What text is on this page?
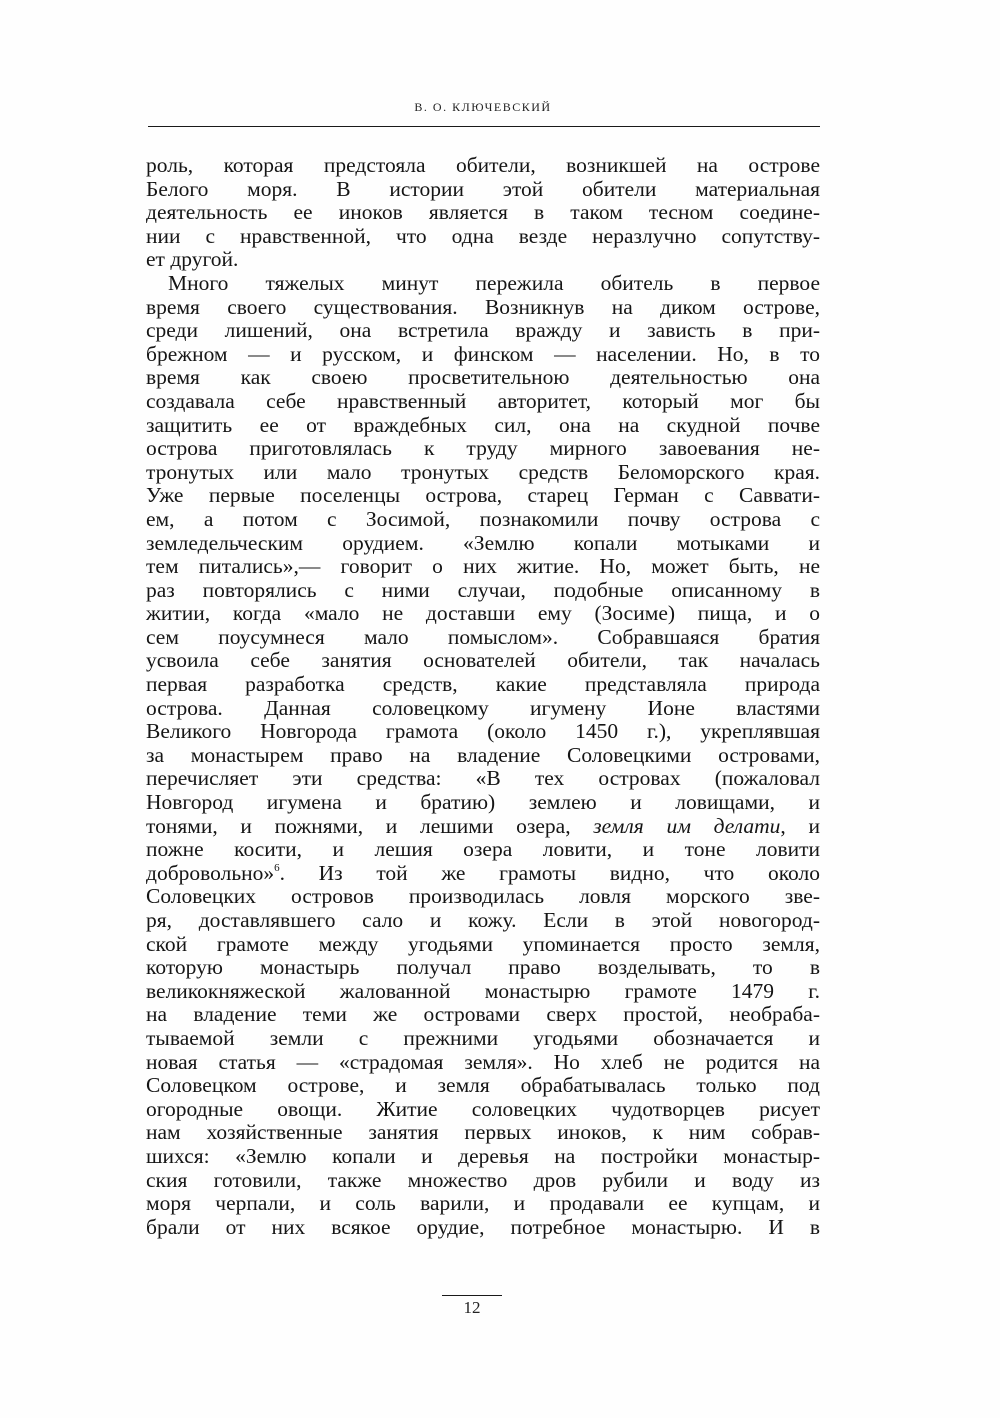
В. О. КЛЮЧЕВСКИЙ
роль, которая предстояла обители, возникшей на острове
Белого моря. В истории этой обители материальная
деятельность ее иноков является в таком тесном соедине-
нии с нравственной, что одна везде неразлучно сопутству-
ет другой.
Много тяжелых минут пережила обитель в первое
время своего существования. Возникнув на диком острове,
среди лишений, она встретила вражду и зависть в при-
брежном — и русском, и финском — населении. Но, в то
время как своею просветительною деятельностью она
создавала себе нравственный авторитет, который мог бы
защитить ее от враждебных сил, она на скудной почве
острова приготовлялась к труду мирного завоевания не-
тронутых или мало тронутых средств Беломорского края.
Уже первые поселенцы острова, старец Герман с Саввати-
ем, а потом с Зосимой, познакомили почву острова с
земледельческим орудием. «Землю копали мотыками и
тем питались»,— говорит о них житие. Но, может быть, не
раз повторялись с ними случаи, подобные описанному в
житии, когда «мало не доставши ему (Зосиме) пища, и о
сем поусумнеся мало помыслом». Собравшаяся братия
усвоила себе занятия основателей обители, так началась
первая разработка средств, какие представляла природа
острова. Данная соловецкому игумену Ионе властями
Великого Новгорода грамота (около 1450 г.), укреплявшая
за монастырем право на владение Соловецкими островами,
перечисляет эти средства: «В тех островах (пожаловал
Новгород игумена и братию) землею и ловищами, и
тонями, и пожнями, и лешими озера, земля им делати, и
пожне косити, и лешия озера ловити, и тоне ловити
добровольно»$^6$. Из той же грамоты видно, что около
Соловецких островов производилась ловля морского зве-
ря, доставлявшего сало и кожу. Если в этой новогород-
ской грамоте между угодьями упоминается просто земля,
которую монастырь получал право возделывать, то в
великокняжеской жалованной монастырю грамоте 1479 г.
на владение теми же островами сверх простой, необраба-
тываемой земли с прежними угодьями обозначается и
новая статья — «страдомая земля». Но хлеб не родится на
Соловецком острове, и земля обрабатывалась только под
огородные овощи. Житие соловецких чудотворцев рисует
нам хозяйственные занятия первых иноков, к ним собрав-
шихся: «Землю копали и деревья на постройки монастыр-
ския готовили, также множество дров рубили и воду из
моря черпали, и соль варили, и продавали ее купцам, и
брали от них всякое орудие, потребное монастырю. И в
12
